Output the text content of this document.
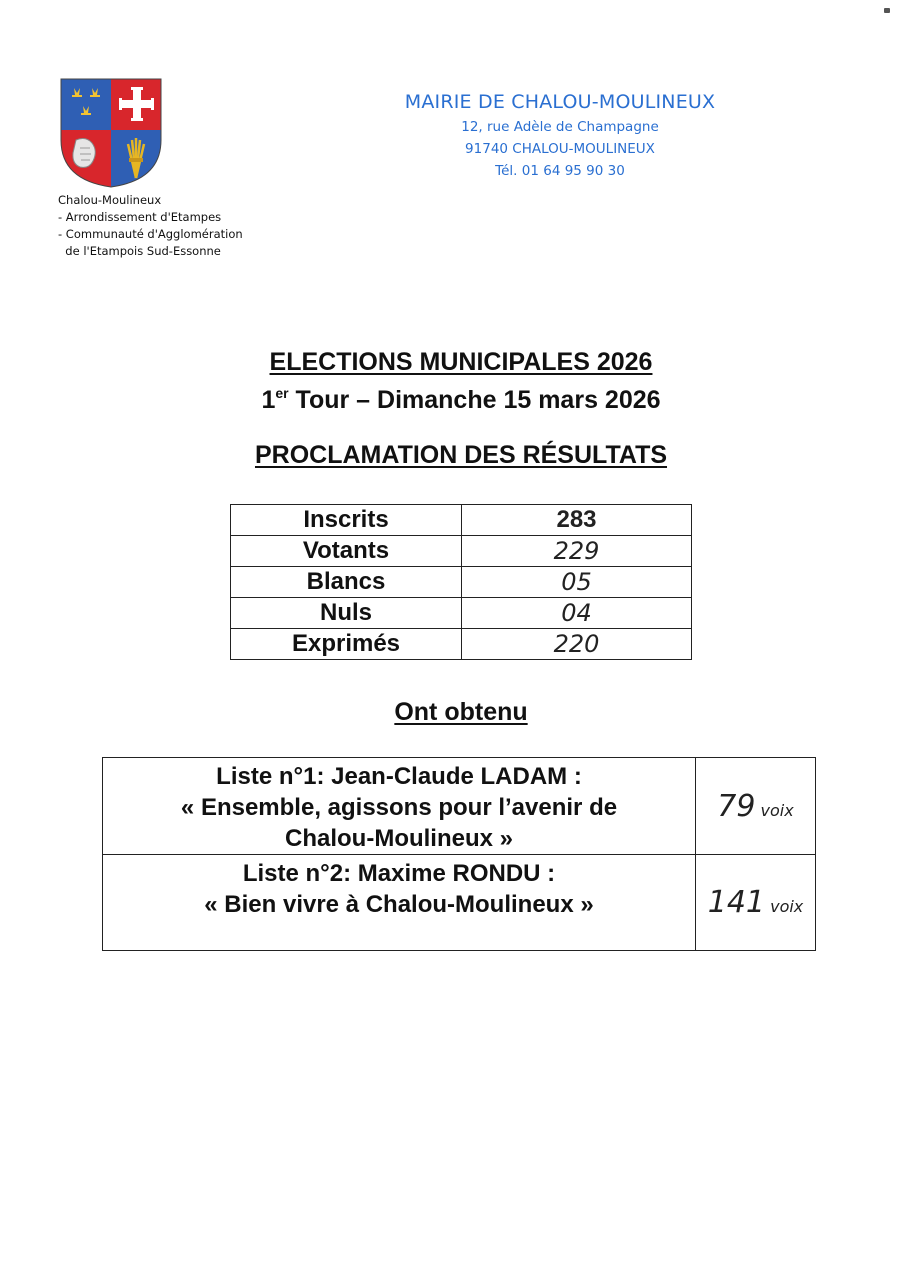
Chalou-Moulineux
- Arrondissement d'Etampes
- Communauté d'Agglomération
de l'Etampois Sud-Essonne
MAIRIE DE CHALOU-MOULINEUX
12, rue Adèle de Champagne
91740 CHALOU-MOULINEUX
Tél. 01 64 95 90 30
ELECTIONS MUNICIPALES 2026
1er Tour – Dimanche 15 mars 2026
PROCLAMATION DES RÉSULTATS
Inscrits	283
Votants	229
Blancs	05
Nuls	04
Exprimés	220
Ont obtenu
Liste n°1: Jean-Claude LADAM :
« Ensemble, agissons pour l’avenir de
Chalou-Moulineux »	79 voix

Liste n°2: Maxime RONDU :
« Bien vivre à Chalou-Moulineux »	141 voix
